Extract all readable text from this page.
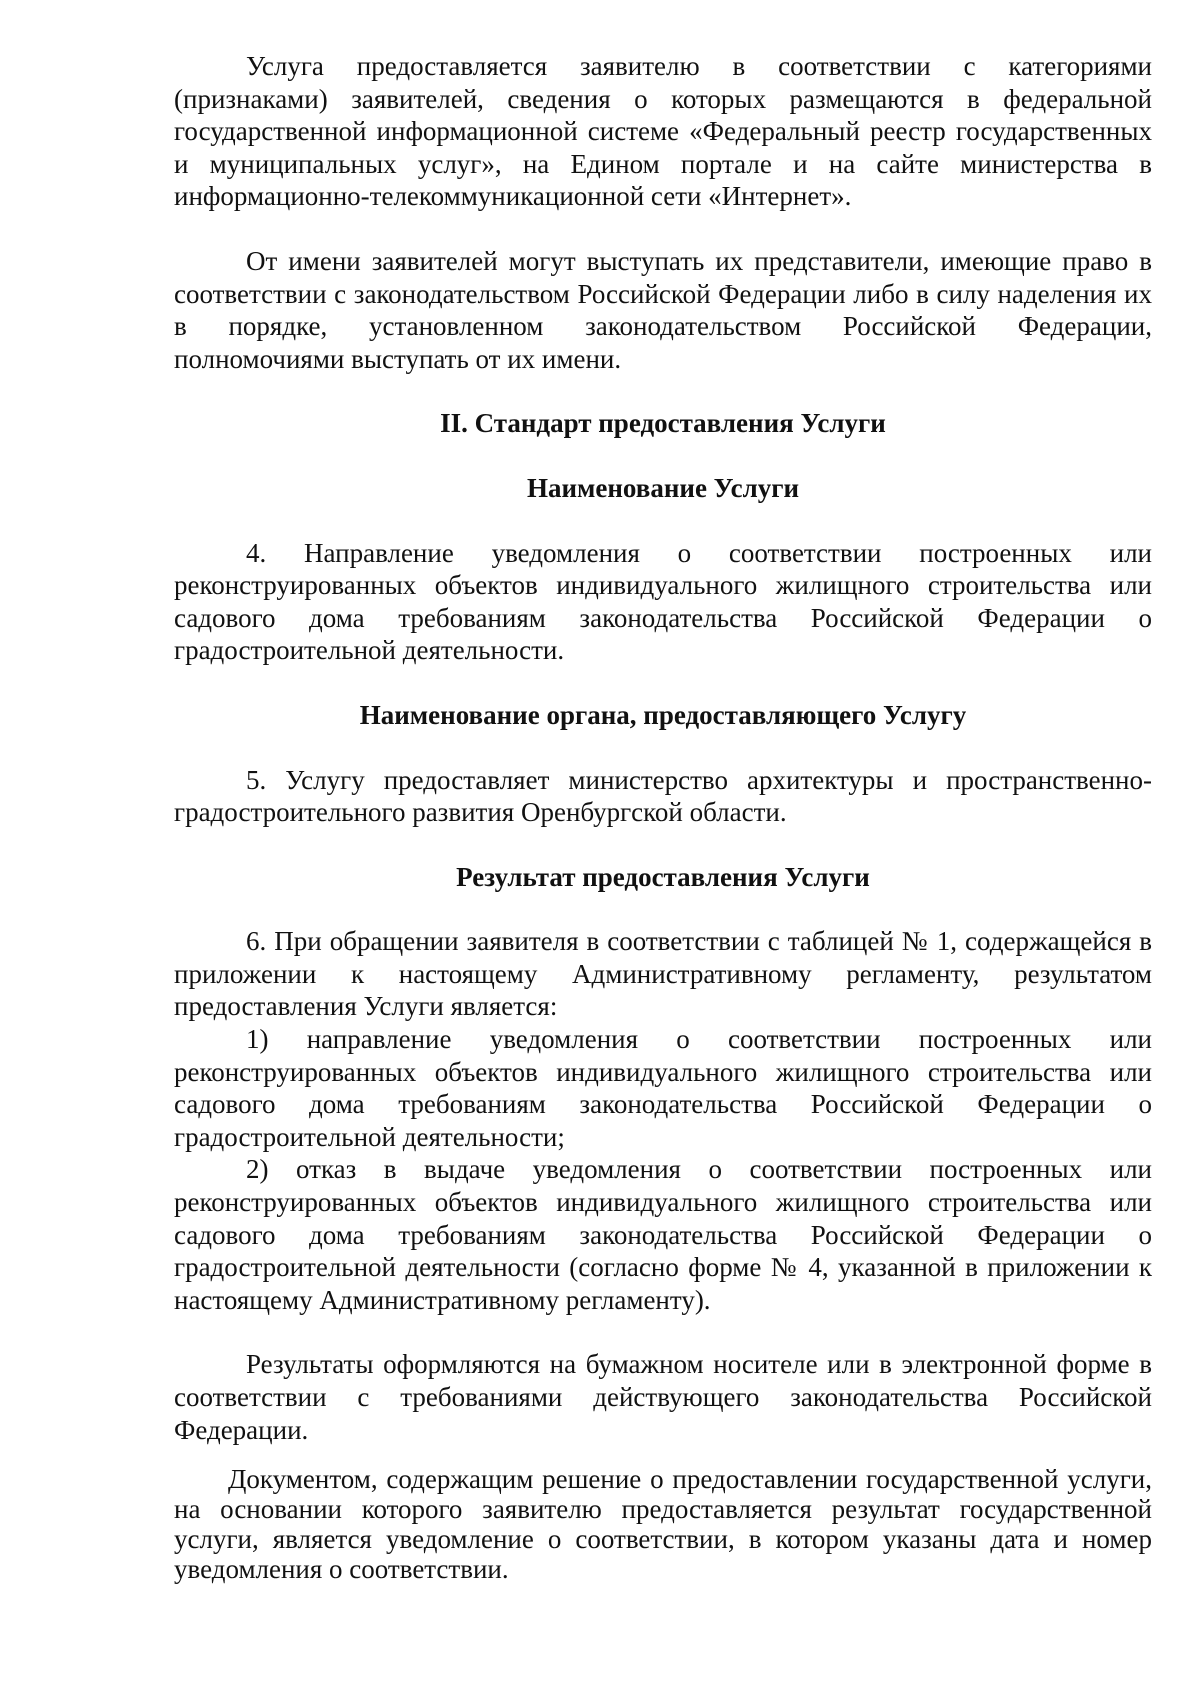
Услуга предоставляется заявителю в соответствии с категориями (признаками) заявителей, сведения о которых размещаются в федеральной государственной информационной системе «Федеральный реестр государственных и муниципальных услуг», на Едином портале и на сайте министерства в информационно-телекоммуникационной сети «Интернет».

От имени заявителей могут выступать их представители, имеющие право в соответствии с законодательством Российской Федерации либо в силу наделения их в порядке, установленном законодательством Российской Федерации, полномочиями выступать от их имени.

II. Стандарт предоставления Услуги

Наименование Услуги

4. Направление уведомления о соответствии построенных или реконструированных объектов индивидуального жилищного строительства или садового дома требованиям законодательства Российской Федерации о градостроительной деятельности.

Наименование органа, предоставляющего Услугу

5. Услугу предоставляет министерство архитектуры и пространственно-градостроительного развития Оренбургской области.

Результат предоставления Услуги

6. При обращении заявителя в соответствии с таблицей № 1, содержащейся в приложении к настоящему Административному регламенту, результатом предоставления Услуги является:

1) направление уведомления о соответствии построенных или реконструированных объектов индивидуального жилищного строительства или садового дома требованиям законодательства Российской Федерации о градостроительной деятельности;

2) отказ в выдаче уведомления о соответствии построенных или реконструированных объектов индивидуального жилищного строительства или садового дома требованиям законодательства Российской Федерации о градостроительной деятельности (согласно форме № 4, указанной в приложении к настоящему Административному регламенту).

Результаты оформляются на бумажном носителе или в электронной форме в соответствии с требованиями действующего законодательства Российской Федерации.

Документом, содержащим решение о предоставлении государственной услуги, на основании которого заявителю предоставляется результат государственной услуги, является уведомление о соответствии, в котором указаны дата и номер уведомления о соответствии.
